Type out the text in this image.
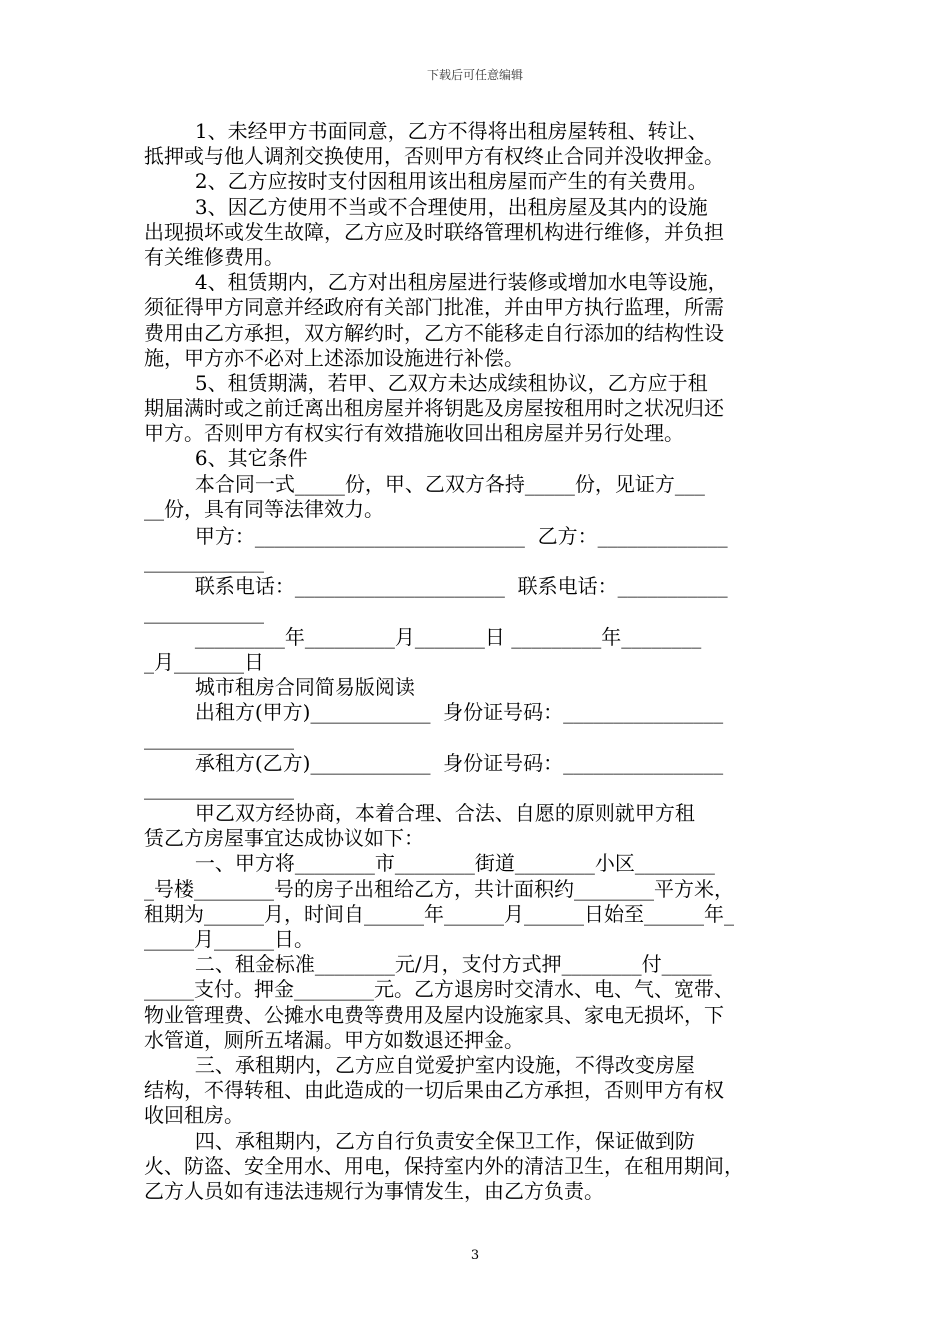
下载后可任意编辑
1、未经甲方书面同意，乙方不得将出租房屋转租、转让、
抵押或与他人调剂交换使用，否则甲方有权终止合同并没收押金。
2、乙方应按时支付因租用该出租房屋而产生的有关费用。
3、因乙方使用不当或不合理使用，出租房屋及其内的设施
出现损坏或发生故障，乙方应及时联络管理机构进行维修，并负担
有关维修费用。
4、租赁期内，乙方对出租房屋进行装修或增加水电等设施，
须征得甲方同意并经政府有关部门批准，并由甲方执行监理，所需
费用由乙方承担，双方解约时，乙方不能移走自行添加的结构性设
施，甲方亦不必对上述添加设施进行补偿。
5、租赁期满，若甲、乙双方未达成续租协议，乙方应于租
期届满时或之前迁离出租房屋并将钥匙及房屋按租用时之状况归还
甲方。否则甲方有权实行有效措施收回出租房屋并另行处理。
6、其它条件
本合同一式_____份，甲、乙双方各持_____份，见证方___
__份，具有同等法律效力。
甲方：___________________________  乙方：_____________
____________
联系电话：_____________________  联系电话：___________
____________
_________年_________月_______日 _________年________
_月_______日
城市租房合同简易版阅读
出租方(甲方)____________  身份证号码：________________
_______________
承租方(乙方)____________  身份证号码：________________
_______________
甲乙双方经协商，本着合理、合法、自愿的原则就甲方租
赁乙方房屋事宜达成协议如下：
一、甲方将________市________街道________小区________
_号楼________号的房子出租给乙方，共计面积约________平方米，
租期为______月，时间自______年______月______日始至______年_
_____月______日。
二、租金标准________元/月，支付方式押________付_____
_____支付。押金________元。乙方退房时交清水、电、气、宽带、
物业管理费、公摊水电费等费用及屋内设施家具、家电无损坏，下
水管道，厕所五堵漏。甲方如数退还押金。
三、承租期内，乙方应自觉爱护室内设施，不得改变房屋
结构，不得转租、由此造成的一切后果由乙方承担，否则甲方有权
收回租房。
四、承租期内，乙方自行负责安全保卫工作，保证做到防
火、防盗、安全用水、用电，保持室内外的清洁卫生，在租用期间，
乙方人员如有违法违规行为事情发生，由乙方负责。
3
